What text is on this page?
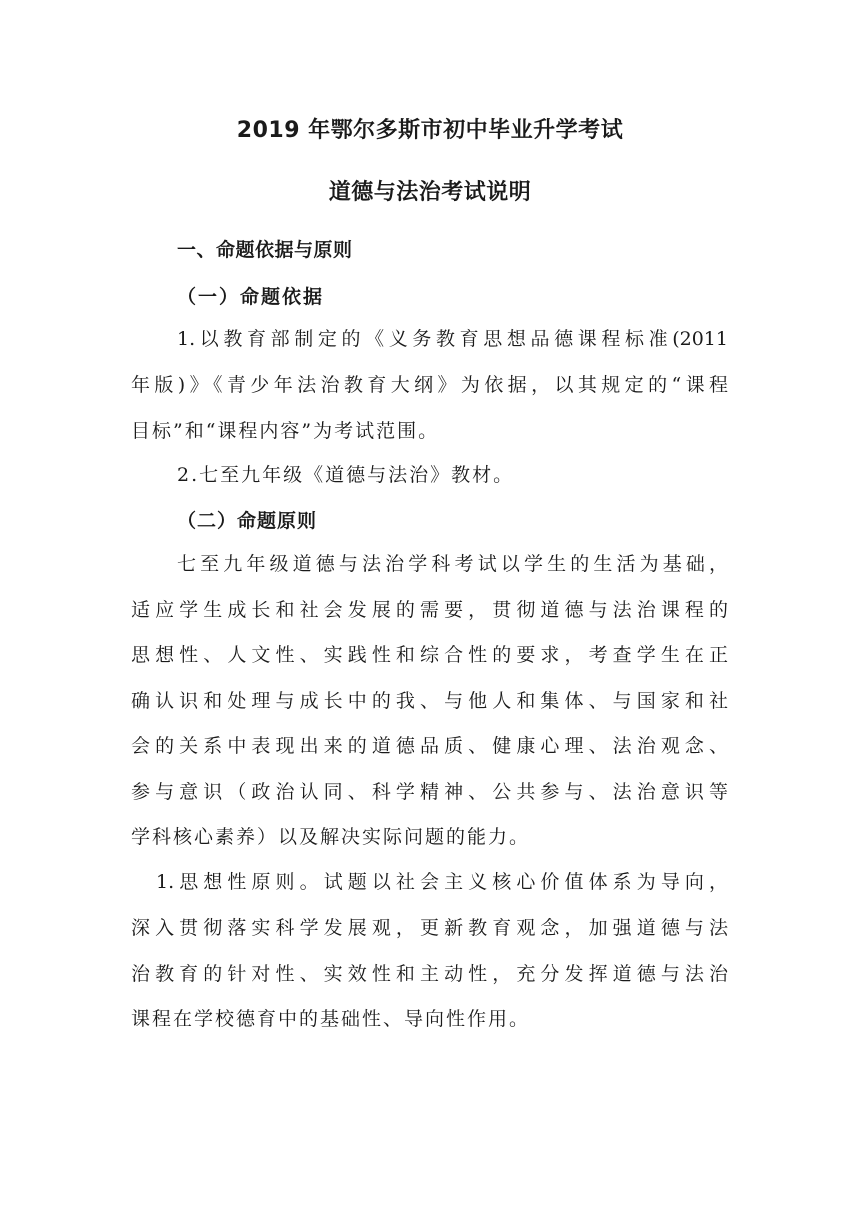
2019 年鄂尔多斯市初中毕业升学考试
道德与法治考试说明
一、命题依据与原则
（一）命题依据
1.以教育部制定的《义务教育思想品德课程标准(2011
年版)》《青少年法治教育大纲》为依据，以其规定的“课程
目标”和“课程内容”为考试范围。
2.七至九年级《道德与法治》教材。
（二）命题原则
七至九年级道德与法治学科考试以学生的生活为基础，
适应学生成长和社会发展的需要，贯彻道德与法治课程的
思想性、人文性、实践性和综合性的要求，考查学生在正
确认识和处理与成长中的我、与他人和集体、与国家和社
会的关系中表现出来的道德品质、健康心理、法治观念、
参与意识（政治认同、科学精神、公共参与、法治意识等
学科核心素养）以及解决实际问题的能力。
1.思想性原则。试题以社会主义核心价值体系为导向，
深入贯彻落实科学发展观，更新教育观念，加强道德与法
治教育的针对性、实效性和主动性，充分发挥道德与法治
课程在学校德育中的基础性、导向性作用。
